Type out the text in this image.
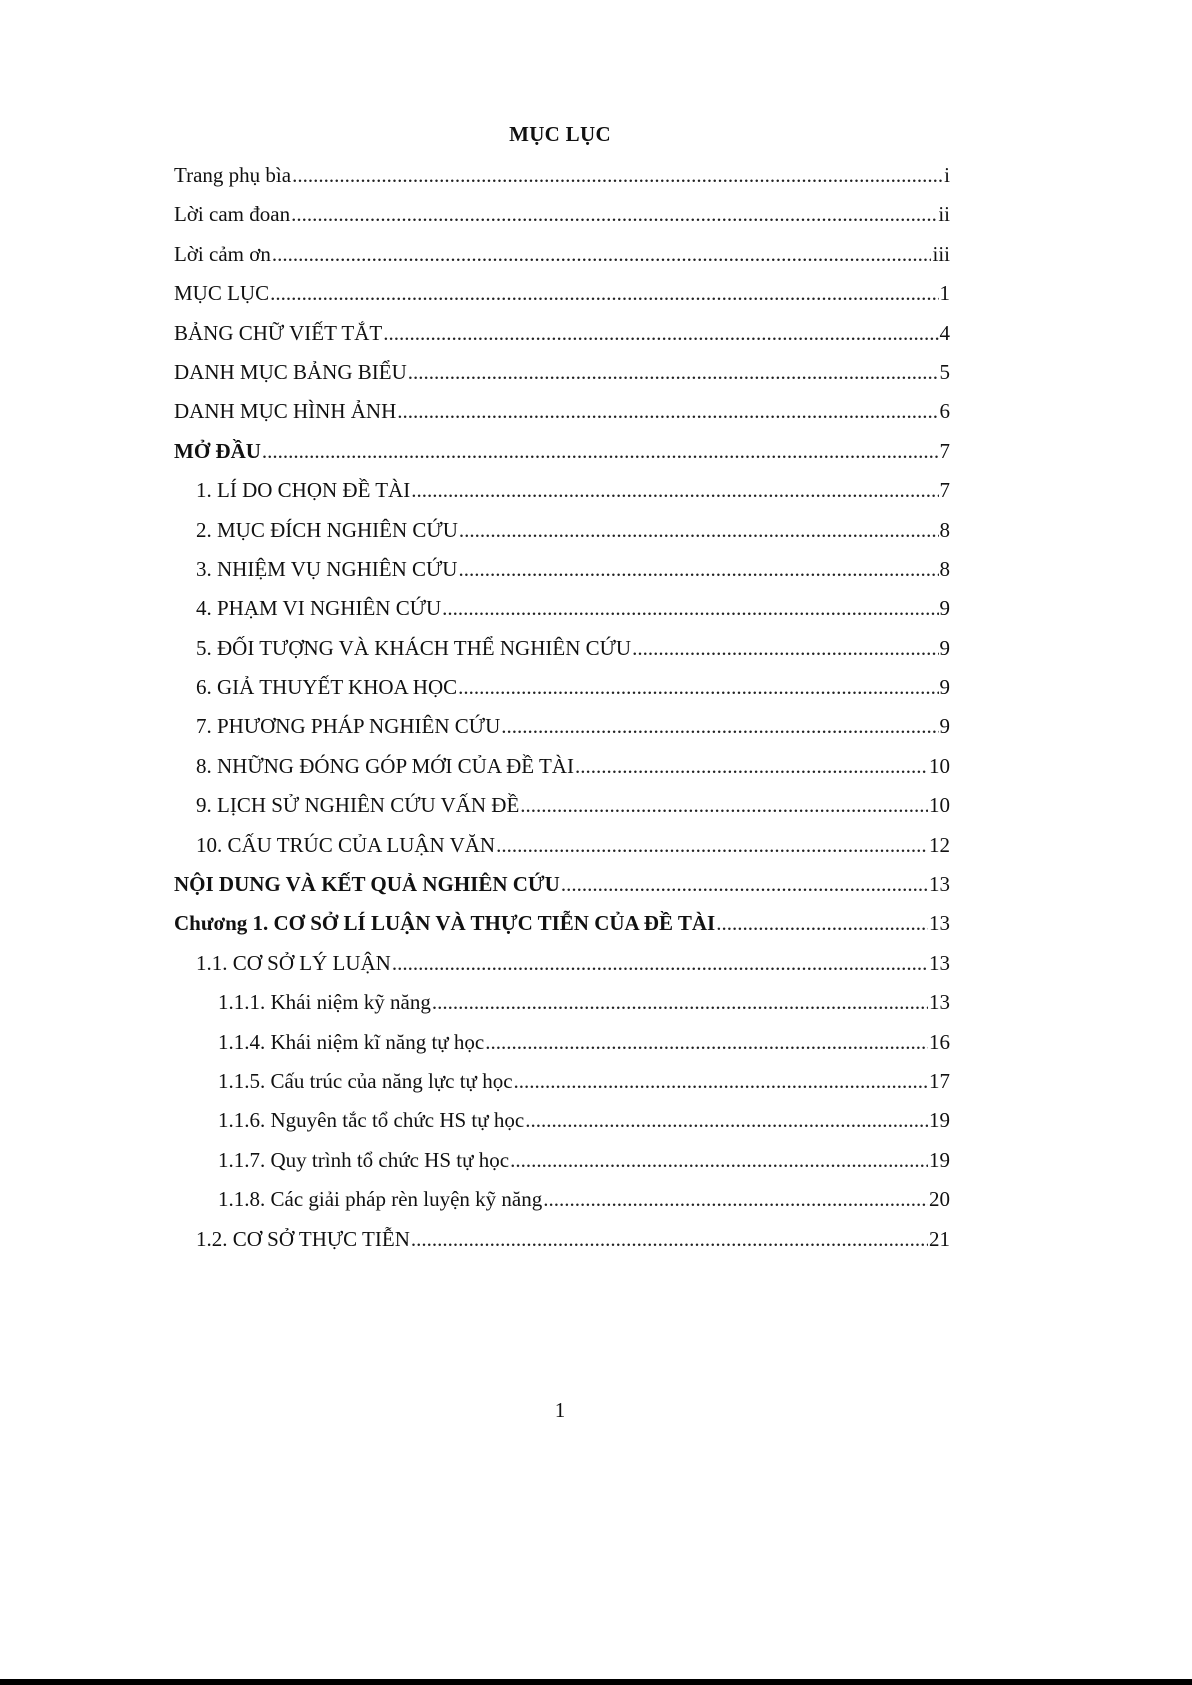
MỤC LỤC
Trang phụ bìa .....	i
Lời cam đoan .....	ii
Lời cảm ơn .....	iii
MỤC LỤC .....	1
BẢNG CHỮ VIẾT TẮT .....	4
DANH MỤC BẢNG BIỂU .....	5
DANH MỤC HÌNH ẢNH .....	6
MỞ ĐẦU .....	7
1. LÍ DO CHỌN ĐỀ TÀI .....	7
2. MỤC ĐÍCH NGHIÊN CỨU .....	8
3. NHIỆM VỤ NGHIÊN CỨU .....	8
4. PHẠM VI NGHIÊN CỨU .....	9
5. ĐỐI TƯỢNG VÀ KHÁCH THỂ NGHIÊN CỨU .....	9
6. GIẢ THUYẾT KHOA HỌC .....	9
7. PHƯƠNG PHÁP NGHIÊN CỨU .....	9
8. NHỮNG ĐÓNG GÓP MỚI CỦA ĐỀ TÀI .....	10
9. LỊCH SỬ NGHIÊN CỨU VẤN ĐỀ .....	10
10. CẤU TRÚC CỦA LUẬN VĂN .....	12
NỘI DUNG VÀ KẾT QUẢ NGHIÊN CỨU .....	13
Chương 1. CƠ SỞ LÍ LUẬN VÀ THỰC TIỄN CỦA ĐỀ TÀI .....	13
1.1. CƠ SỞ LÝ LUẬN .....	13
1.1.1. Khái niệm kỹ năng .....	13
1.1.4. Khái niệm kĩ năng tự học .....	16
1.1.5. Cấu trúc của năng lực tự học .....	17
1.1.6. Nguyên tắc tổ chức HS tự học .....	19
1.1.7. Quy trình tổ chức HS tự học .....	19
1.1.8. Các giải pháp rèn luyện kỹ năng .....	20
1.2. CƠ SỞ THỰC TIỄN .....	21
1
